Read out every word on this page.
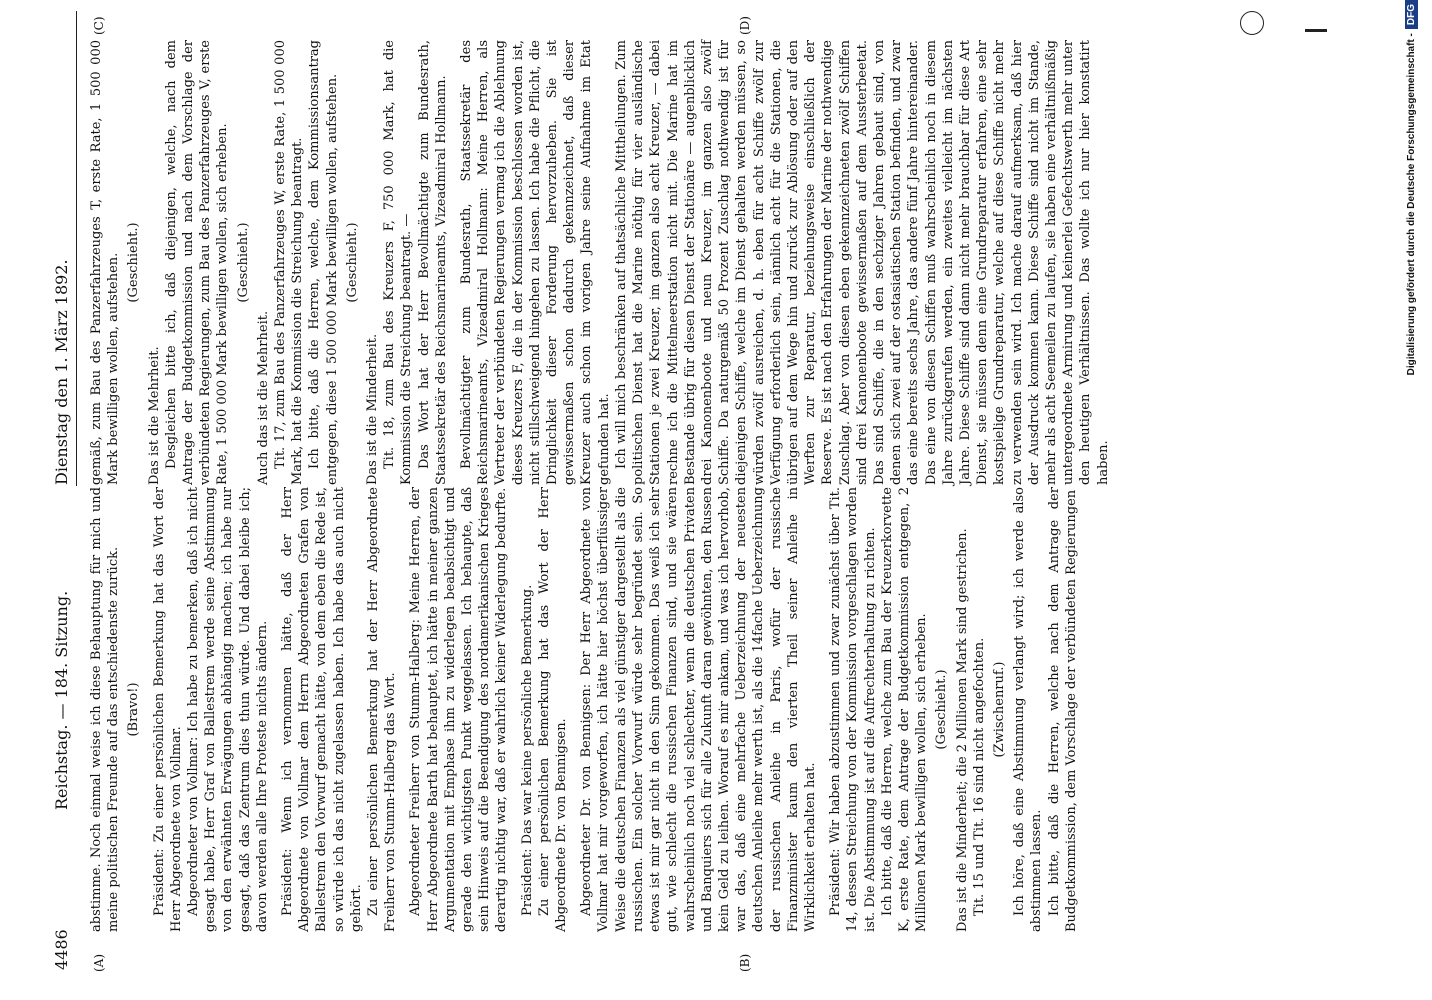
4486
Reichstag. — 184. Sitzung.
Dienstag den 1. März 1892.
(A)	(B)
(C)	(D)

abstimme. Noch einmal weise ich diese Behauptung für mich und meine politischen Freunde auf das entschiedenste zurück. (Bravo!) Präsident: Zu einer persönlichen Bemerkung hat das Wort der Herr Abgeordnete von Vollmar. Abgeordneter von Vollmar: Ich habe zu bemerken, daß ich nicht gesagt habe, Herr Graf von Ballestrem werde seine Abstimmung von den erwähnten Erwägungen abhängig machen; ich habe nur gesagt, daß das Zentrum dies thun würde. Und dabei bleibe ich; davon werden alle Ihre Proteste nichts ändern. Präsident: Wenn ich vernommen hätte, daß der Herr Abgeordnete von Vollmar dem Herrn Abgeordneten Grafen von Ballestrem den Vorwurf gemacht hätte, von dem eben die Rede ist, so würde ich das nicht zugelassen haben. Ich habe das auch nicht gehört. Zu einer persönlichen Bemerkung hat der Herr Abgeordnete Freiherr von Stumm-Halberg das Wort. Abgeordneter Freiherr von Stumm-Halberg: Meine Herren, der Herr Abgeordnete Barth hat behauptet, ich hätte in meiner ganzen Argumentation mit Emphase ihm zu widerlegen beabsichtigt und gerade den wichtigsten Punkt weggelassen. Ich behaupte, daß sein Hinweis auf die Beendigung des nordamerikanischen Krieges derartig nichtig war, daß er wahrlich keiner Widerlegung bedurfte. Präsident: Das war keine persönliche Bemerkung. Zu einer persönlichen Bemerkung hat das Wort der Herr Abgeordnete Dr. von Bennigsen. Abgeordneter Dr. von Bennigsen: Der Herr Abgeordnete von Vollmar hat mir vorgeworfen, ich hätte hier höchst überflüssiger Weise die deutschen Finanzen als viel günstiger dargestellt als die russischen. Ein solcher Vorwurf würde sehr begründet sein. So etwas ist mir gar nicht in den Sinn gekommen. Das weiß ich sehr gut, wie schlecht die russischen Finanzen sind, und sie wären wahrscheinlich noch viel schlechter, wenn die deutschen Privaten und Banquiers sich für alle Zukunft daran gewöhnten, den Russen kein Geld zu leihen. Worauf es mir ankam, und was ich hervorhob, war das, daß eine mehrfache Ueberzeichnung der neuesten deutschen Anleihe mehr werth ist, als die 14fache Ueberzeichnung der russischen Anleihe in Paris, wofür der russische Finanzminister kaum den vierten Theil seiner Anleihe in Wirklichkeit erhalten hat. Präsident: Wir haben abzustimmen und zwar zunächst über Tit. 14, dessen Streichung von der Kommission vorgeschlagen worden ist. Die Abstimmung ist auf die Aufrechterhaltung zu richten. Ich bitte, daß die Herren, welche zum Bau der Kreuzerkorvette K, erste Rate, dem Antrage der Budgetkommission entgegen, 2 Millionen Mark bewilligen wollen, sich erheben. (Geschieht.) Das ist die Minderheit; die 2 Millionen Mark sind gestrichen. Tit. 15 und Tit. 16 sind nicht angefochten. (Zwischenruf.) Ich höre, daß eine Abstimmung verlangt wird; ich werde also abstimmen lassen. Ich bitte, daß die Herren, welche nach dem Antrage der Budgetkommission, dem Vorschlage der verbündeten Regierungen

gemäß, zum Bau des Panzerfahrzeuges T, erste Rate, 1 500 000 Mark bewilligen wollen, aufstehen. (Geschieht.)

Das ist die Mehrheit. Desgleichen bitte ich, daß diejenigen, welche, nach dem Antrage der Budgetkommission und nach dem Vorschlage der verbündeten Regierungen, zum Bau des Panzerfahrzeuges V, erste Rate, 1 500 000 Mark bewilligen wollen, sich erheben. (Geschieht.)

Auch das ist die Mehrheit. Tit. 17, zum Bau des Panzerfahrzeuges W, erste Rate, 1 500 000 Mark, hat die Kommission die Streichung beantragt. Ich bitte, daß die Herren, welche, dem Kommissionsantrag entgegen, diese 1 500 000 Mark bewilligen wollen, aufstehen. (Geschieht.)

Das ist die Minderheit. Tit. 18, zum Bau des Kreuzers F, 750 000 Mark, hat die Kommission die Streichung beantragt. — Das Wort hat der Herr Bevollmächtigte zum Bundesrath, Staatssekretär des Reichsmarineamts, Vizeadmiral Hollmann. Bevollmächtigter zum Bundesrath, Staatssekretär des Reichsmarineamts, Vizeadmiral Hollmann: Meine Herren, als Vertreter der verbündeten Regierungen vermag ich die Ablehnung dieses Kreuzers F, die in der Kommission beschlossen worden ist, nicht stillschweigend hingehen zu lassen. Ich habe die Pflicht, die Dringlichkeit dieser Forderung hervorzuheben. Sie ist gewissermaßen schon dadurch gekennzeichnet, daß dieser Kreuzer auch schon im vorigen Jahre seine Aufnahme im Etat gefunden hat. Ich will mich beschränken auf thatsächliche Mittheilungen. Zum politischen Dienst hat die Marine nöthig für vier ausländische Stationen je zwei Kreuzer, im ganzen also acht Kreuzer, — dabei rechne ich die Mittelmeerstation nicht mit. Die Marine hat im Bestande übrig für diesen Dienst der Stationäre — augenblicklich drei Kanonenboote und neun Kreuzer, im ganzen also zwölf Schiffe. Da naturgemäß 50 Prozent Zuschlag nothwendig ist für diejenigen Schiffe, welche im Dienst gehalten werden müssen, so würden zwölf ausreichen, d. h. eben für acht Schiffe zwölf zur Verfügung erforderlich sein, nämlich acht für die Stationen, die übrigen auf dem Wege hin und zurück zur Ablösung oder auf den Werften zur Reparatur, beziehungsweise einschließlich der Reserve. Es ist nach den Erfahrungen der Marine der nothwendige Zuschlag. Aber von diesen eben gekennzeichneten zwölf Schiffen sind drei Kanonenboote gewissermaßen auf dem Aussterbeetat. Das sind Schiffe, die in den sechziger Jahren gebaut sind, von denen sich zwei auf der ostasiatischen Station befinden, und zwar das eine bereits sechs Jahre, das andere fünf Jahre hintereinander. Das eine von diesen Schiffen muß wahrscheinlich noch in diesem Jahre zurückgerufen werden, ein zweites vielleicht im nächsten Jahre. Diese Schiffe sind dann nicht mehr brauchbar für diese Art Dienst, sie müssen denn eine Grundreparatur erfahren, eine sehr kostspielige Grundreparatur, welche auf diese Schiffe nicht mehr zu verwenden sein wird. Ich mache darauf aufmerksam, daß hier der Ausdruck kommen kann. Diese Schiffe sind nicht im Stande, mehr als acht Seemeilen zu laufen, sie haben eine verhältnißmäßig untergeordnete Armirung und keinerlei Gefechtswerth mehr unter den heutigen Verhältnissen. Das wollte ich nur hier konstatirt haben.

Digitalisierung gefördert durch die Deutsche Forschungsgemeinschaft -DFG
